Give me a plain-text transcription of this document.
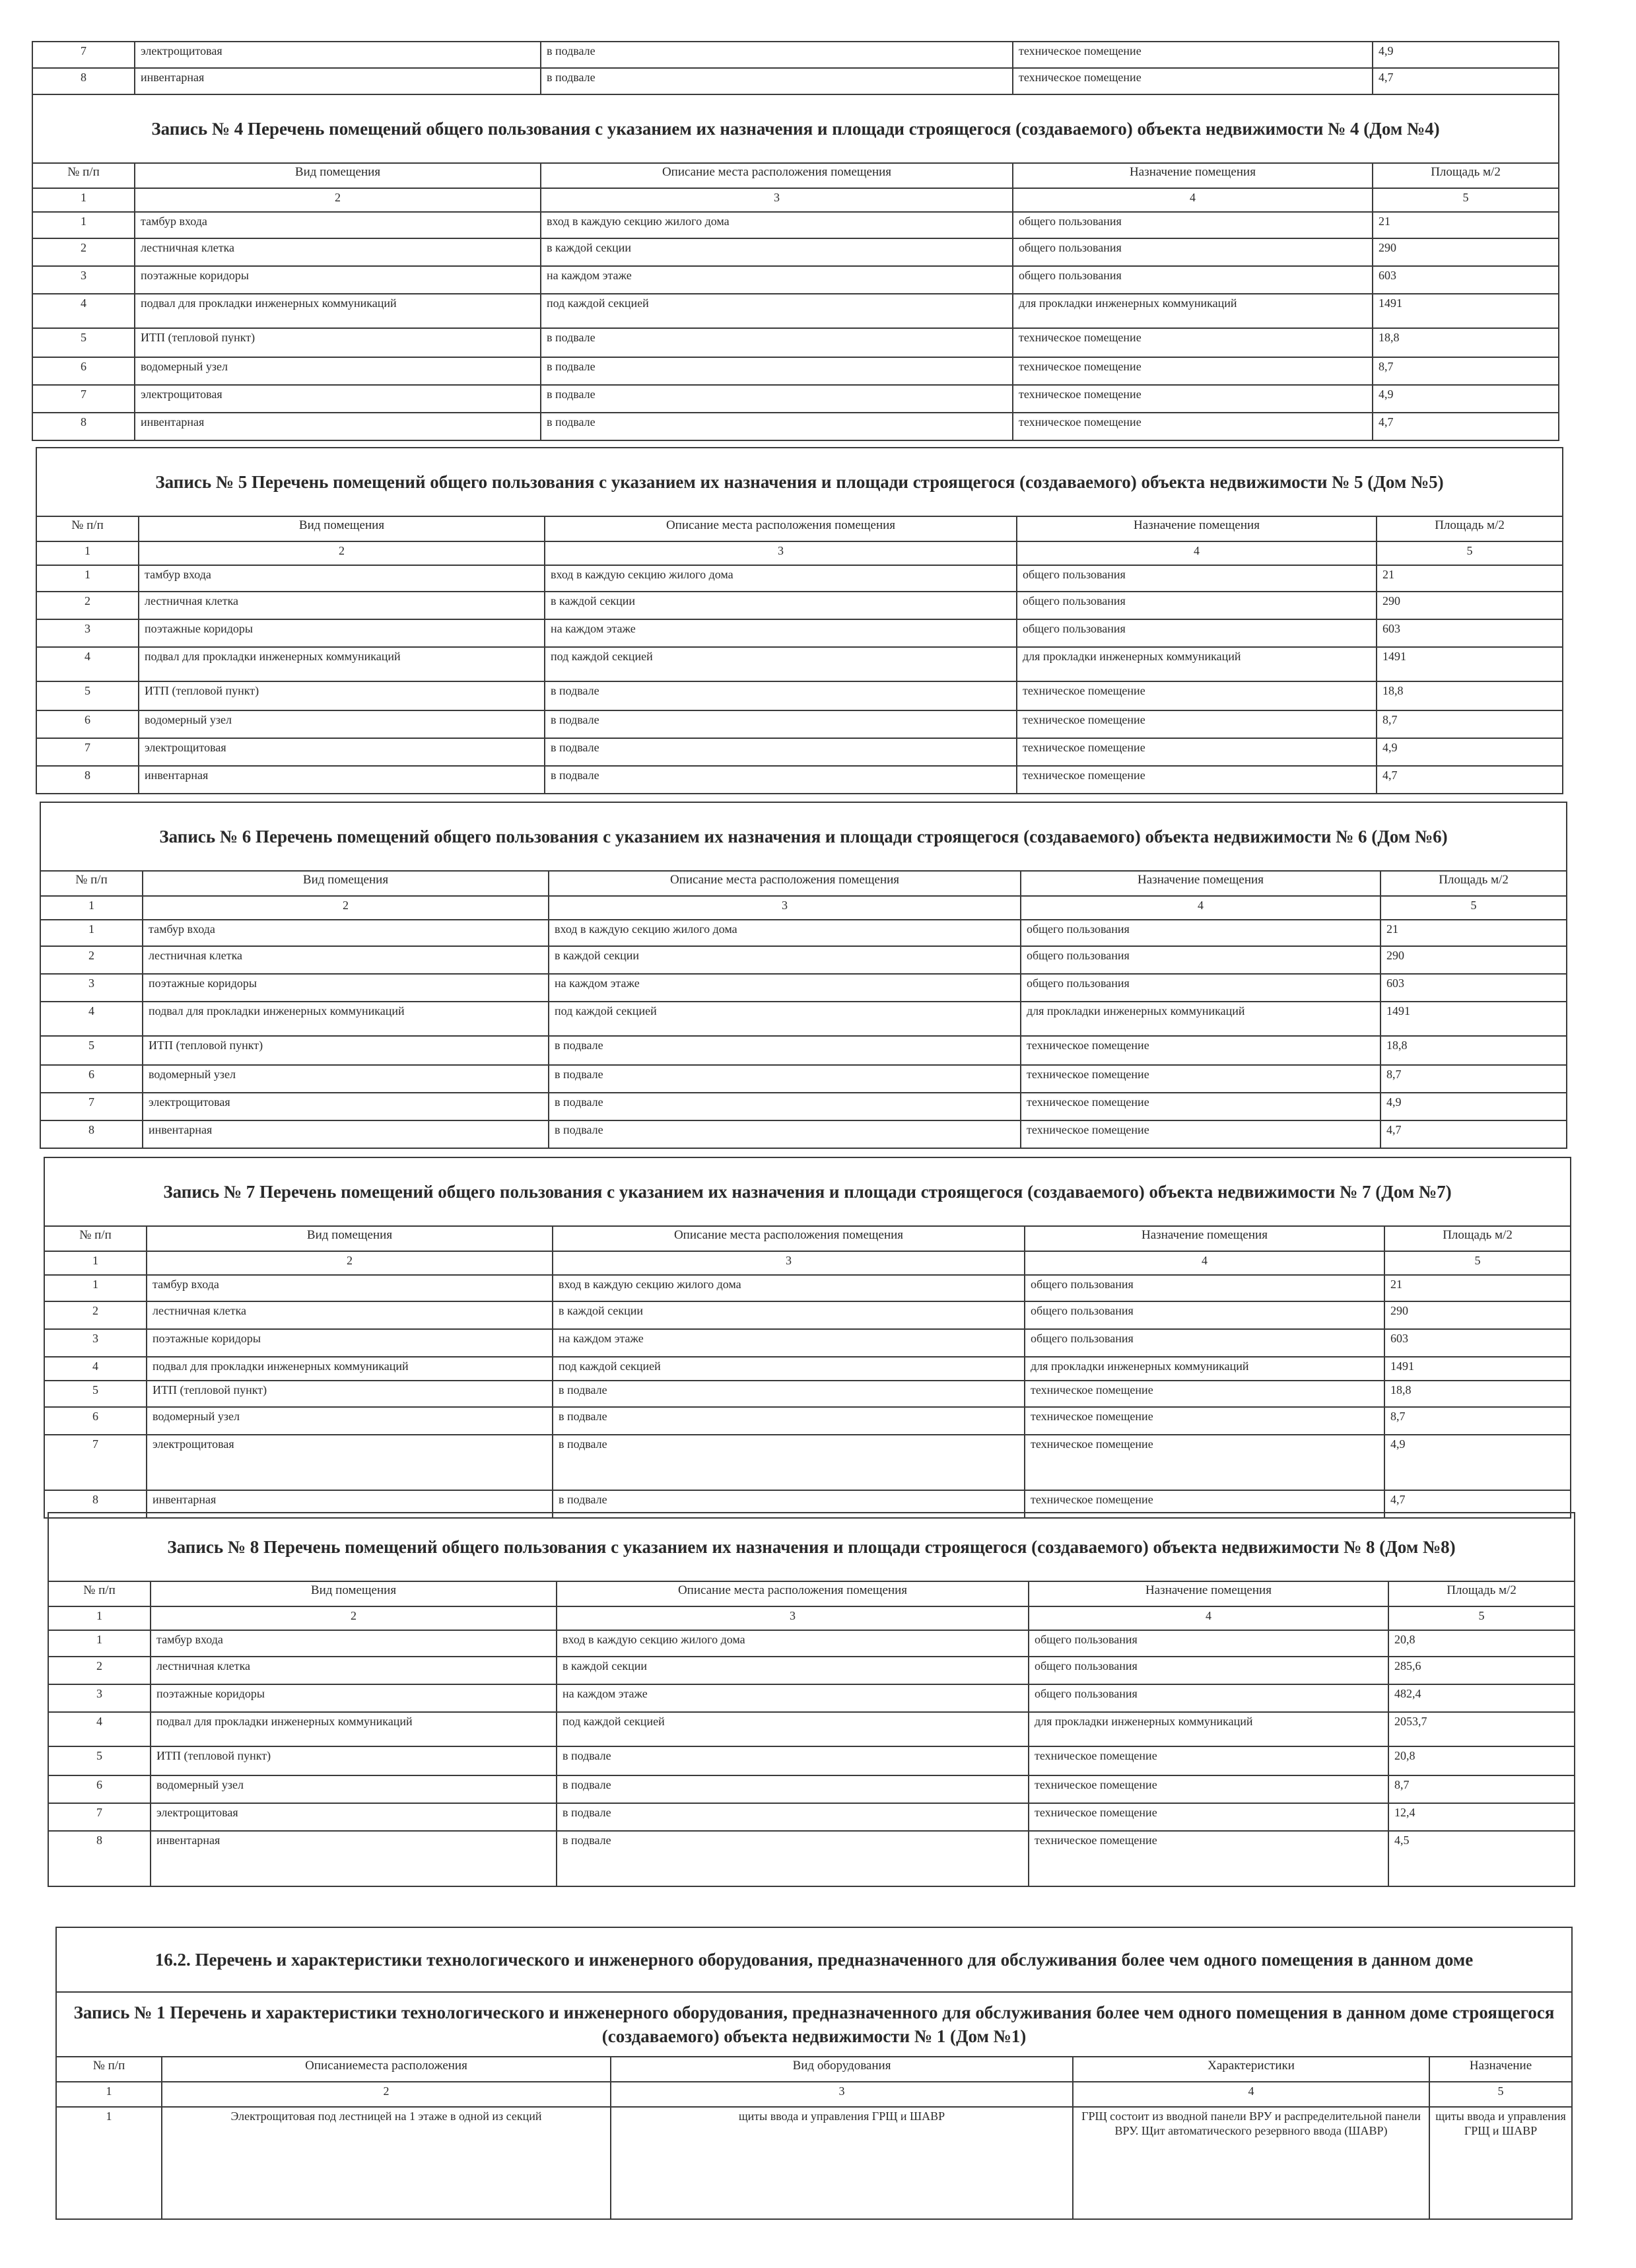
7	электрощитовая	в подвале	техническое помещение	4,9
8	инвентарная	в подвале	техническое помещение	4,7
Запись № 4 Перечень помещений общего пользования с указанием их назначения и площади строящегося (создаваемого) объекта недвижимости № 4 (Дом №4)				
№ п/п	Вид помещения	Описание места расположения помещения	Назначение помещения	Площадь м/2
1	2	3	4	5
1	тамбур входа	вход в каждую секцию жилого дома	общего пользования	21
2	лестничная клетка	в каждой секции	общего пользования	290
3	поэтажные коридоры	на каждом этаже	общего пользования	603
4	подвал для прокладки инженерных коммуникаций	под каждой секцией	для прокладки инженерных коммуникаций	1491
5	ИТП (тепловой пункт)	в подвале	техническое помещение	18,8
6	водомерный узел	в подвале	техническое помещение	8,7
7	электрощитовая	в подвале	техническое помещение	4,9
8	инвентарная	в подвале	техническое помещение	4,7
Запись № 5 Перечень помещений общего пользования с указанием их назначения и площади строящегося (создаваемого) объекта недвижимости № 5 (Дом №5)				
№ п/п	Вид помещения	Описание места расположения помещения	Назначение помещения	Площадь м/2
1	2	3	4	5
1	тамбур входа	вход в каждую секцию жилого дома	общего пользования	21
2	лестничная клетка	в каждой секции	общего пользования	290
3	поэтажные коридоры	на каждом этаже	общего пользования	603
4	подвал для прокладки инженерных коммуникаций	под каждой секцией	для прокладки инженерных коммуникаций	1491
5	ИТП (тепловой пункт)	в подвале	техническое помещение	18,8
6	водомерный узел	в подвале	техническое помещение	8,7
7	электрощитовая	в подвале	техническое помещение	4,9
8	инвентарная	в подвале	техническое помещение	4,7
Запись № 6 Перечень помещений общего пользования с указанием их назначения и площади строящегося (создаваемого) объекта недвижимости № 6 (Дом №6)				
№ п/п	Вид помещения	Описание места расположения помещения	Назначение помещения	Площадь м/2
1	2	3	4	5
1	тамбур входа	вход в каждую секцию жилого дома	общего пользования	21
2	лестничная клетка	в каждой секции	общего пользования	290
3	поэтажные коридоры	на каждом этаже	общего пользования	603
4	подвал для прокладки инженерных коммуникаций	под каждой секцией	для прокладки инженерных коммуникаций	1491
5	ИТП (тепловой пункт)	в подвале	техническое помещение	18,8
6	водомерный узел	в подвале	техническое помещение	8,7
7	электрощитовая	в подвале	техническое помещение	4,9
8	инвентарная	в подвале	техническое помещение	4,7
Запись № 7 Перечень помещений общего пользования с указанием их назначения и площади строящегося (создаваемого) объекта недвижимости № 7 (Дом №7)				
№ п/п	Вид помещения	Описание места расположения помещения	Назначение помещения	Площадь м/2
1	2	3	4	5
1	тамбур входа	вход в каждую секцию жилого дома	общего пользования	21
2	лестничная клетка	в каждой секции	общего пользования	290
3	поэтажные коридоры	на каждом этаже	общего пользования	603
4	подвал для прокладки инженерных коммуникаций	под каждой секцией	для прокладки инженерных коммуникаций	1491
5	ИТП (тепловой пункт)	в подвале	техническое помещение	18,8
6	водомерный узел	в подвале	техническое помещение	8,7
7	электрощитовая	в подвале	техническое помещение	4,9
8	инвентарная	в подвале	техническое помещение	4,7
Запись № 8 Перечень помещений общего пользования с указанием их назначения и площади строящегося (создаваемого) объекта недвижимости № 8 (Дом №8)				
№ п/п	Вид помещения	Описание места расположения помещения	Назначение помещения	Площадь м/2
1	2	3	4	5
1	тамбур входа	вход в каждую секцию жилого дома	общего пользования	20,8
2	лестничная клетка	в каждой секции	общего пользования	285,6
3	поэтажные коридоры	на каждом этаже	общего пользования	482,4
4	подвал для прокладки инженерных коммуникаций	под каждой секцией	для прокладки инженерных коммуникаций	2053,7
5	ИТП (тепловой пункт)	в подвале	техническое помещение	20,8
6	водомерный узел	в подвале	техническое помещение	8,7
7	электрощитовая	в подвале	техническое помещение	12,4
8	инвентарная	в подвале	техническое помещение	4,5
16.2. Перечень и характеристики технологического и инженерного оборудования, предназначенного для обслуживания более чем одного помещения в данном доме				
Запись № 1 Перечень и характеристики технологического и инженерного оборудования, предназначенного для обслуживания более чем одного помещения в данном доме строящегося (создаваемого) объекта недвижимости № 1 (Дом №1)				
№ п/п	Описаниеместа расположения	Вид оборудования	Характеристики	Назначение
1	2	3	4	5
1	Электрощитовая под лестницей на 1 этаже в одной из секций	щиты ввода и управления ГРЩ и ШАВР	ГРЩ состоит из вводной панели ВРУ и распределительной панели ВРУ. Щит автоматического резервного ввода (ШАВР)	щиты ввода и управления ГРЩ и ШАВР
